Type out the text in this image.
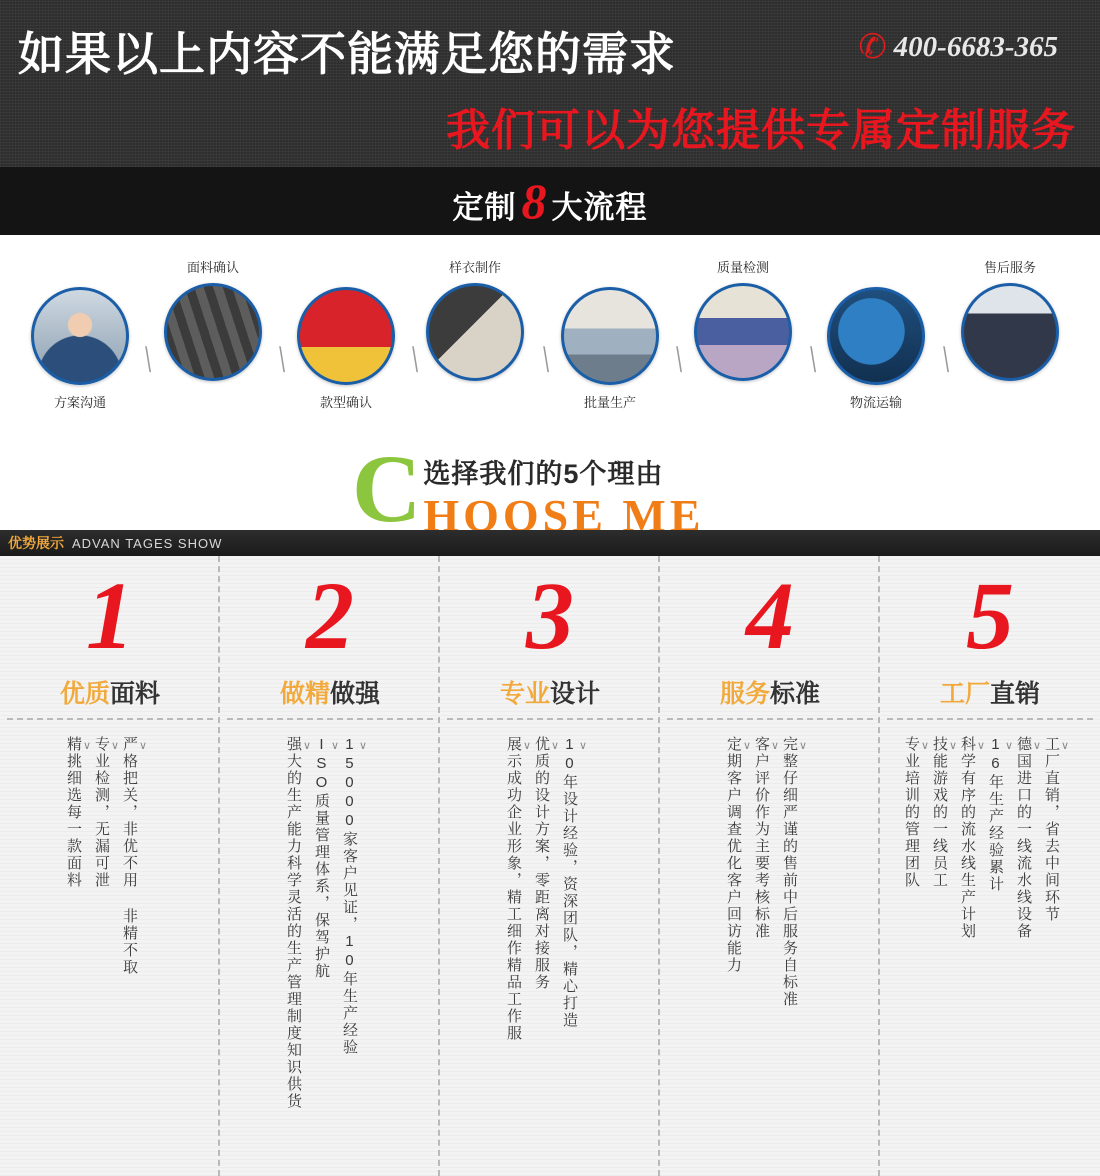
如果以上内容不能满足您的需求	✆ 400-6683-365
我们可以为您提供专属定制服务
定制 8 大流程
方案沟通
╲
面料确认
╲
款型确认
╲
样衣制作
╲
批量生产
╲
质量检测
╲
物流运输
╲
售后服务
C 选择我们的5个理由
HOOSE ME
优势展示 ADVAN TAGES SHOW
1
优质面料
∨ 严格把关，非优不用 非精不取
∨ 专业检测，无漏可泄
∨ 精挑细选每一款面料
2
做精做强
∨ 15000家客户见证，10年生产经验
∨ ISO质量管理体系，保驾护航
∨ 强大的生产能力科学灵活的生产管理制度知识供货
3
专业设计
∨ 10年设计经验，资深团队，精心打造
∨ 优质的设计方案，零距离对接服务
∨ 展示成功企业形象，精工细作精品工作服
4
服务标准
∨ 完整仔细严谨的售前中后服务自标准
∨ 客户评价作为主要考核标准
∨ 定期客户调查优化客户回访能力
5
工厂直销
∨ 工厂直销，省去中间环节
∨ 德国进口的一线流水线设备
∨ 16年生产经验累计
∨ 科学有序的流水线生产计划
∨ 技能游戏的一线员工
∨ 专业培训的管理团队
